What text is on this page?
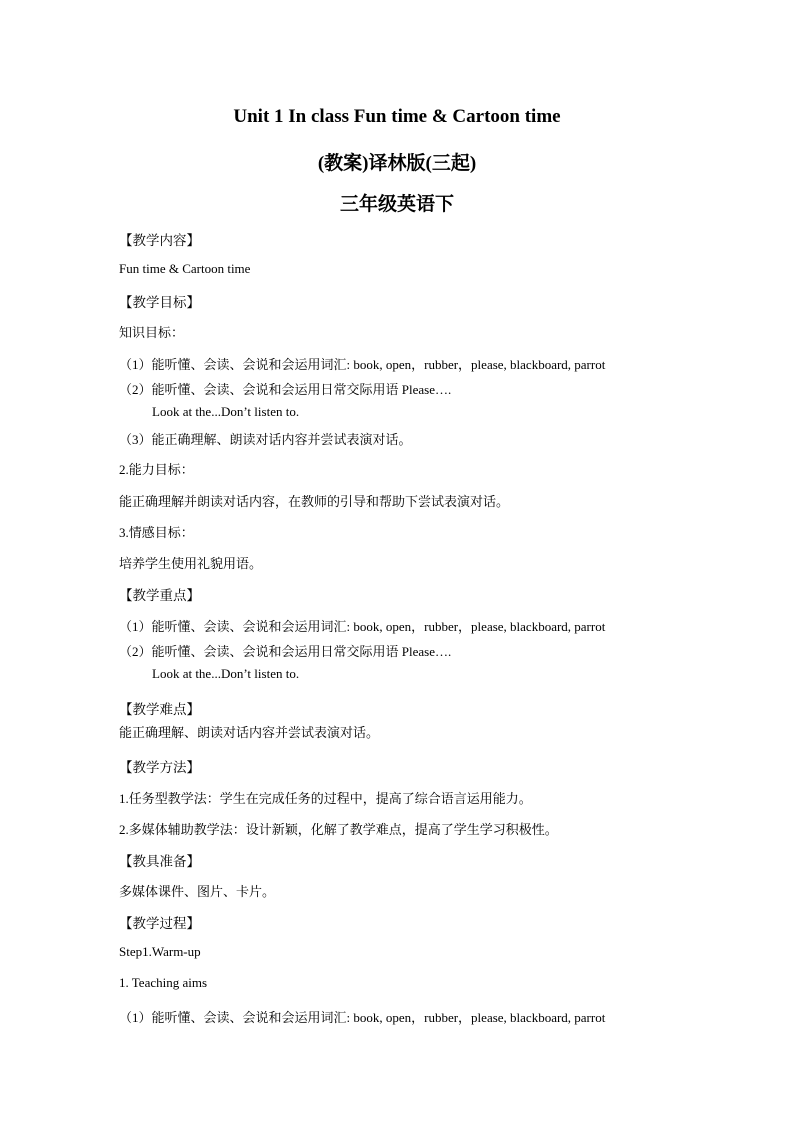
Unit 1 In class Fun time & Cartoon time
(教案)译林版(三起)
三年级英语下
【教学内容】
Fun time & Cartoon time
【教学目标】
知识目标：
（1）能听懂、会读、会说和会运用词汇: book, open，rubber，please, blackboard, parrot
（2）能听懂、会读、会说和会运用日常交际用语 Please….
Look at the...Don’t listen to.
（3）能正确理解、朗读对话内容并尝试表演对话。
2.能力目标：
能正确理解并朗读对话内容，在教师的引导和帮助下尝试表演对话。
3.情感目标：
培养学生使用礼貌用语。
【教学重点】
（1）能听懂、会读、会说和会运用词汇: book, open，rubber，please, blackboard, parrot
（2）能听懂、会读、会说和会运用日常交际用语 Please….
Look at the...Don’t listen to.
【教学难点】
能正确理解、朗读对话内容并尝试表演对话。
【教学方法】
1.任务型教学法：学生在完成任务的过程中，提高了综合语言运用能力。
2.多媒体辅助教学法：设计新颖，化解了教学难点，提高了学生学习积极性。
【教具准备】
多媒体课件、图片、卡片。
【教学过程】
Step1.Warm-up
1. Teaching aims
（1）能听懂、会读、会说和会运用词汇: book, open，rubber，please, blackboard, parrot
